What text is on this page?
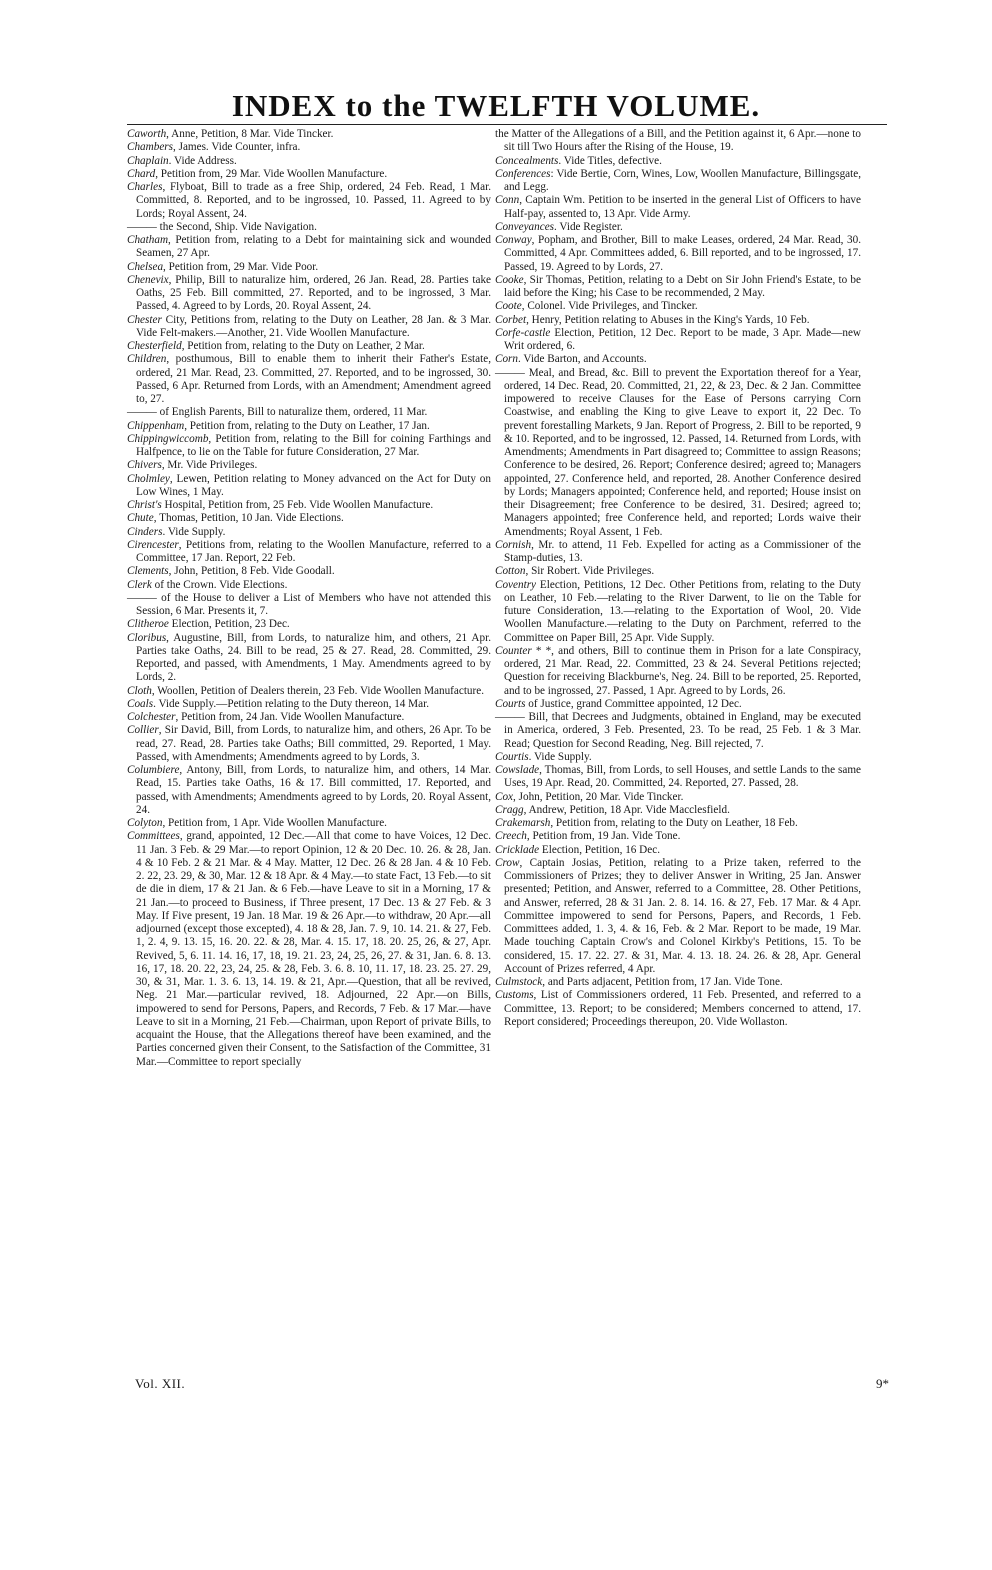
INDEX to the TWELFTH VOLUME.

Caworth, Anne, Petition, 8 Mar. Vide Tincker.

Chambers, James. Vide Counter, infra.

Chaplain. Vide Address.

Chard, Petition from, 29 Mar. Vide Woollen Manufacture.

Charles, Flyboat, Bill to trade as a free Ship, ordered, 24 Feb. Read, 1 Mar. Committed, 8. Reported, and to be ingrossed, 10. Passed, 11. Agreed to by Lords; Royal Assent, 24.

——— the Second, Ship. Vide Navigation.

Chatham, Petition from, relating to a Debt for maintaining sick and wounded Seamen, 27 Apr.

Chelsea, Petition from, 29 Mar. Vide Poor.

Chenevix, Philip, Bill to naturalize him, ordered, 26 Jan. Read, 28. Parties take Oaths, 25 Feb. Bill committed, 27. Reported, and to be ingrossed, 3 Mar. Passed, 4. Agreed to by Lords, 20. Royal Assent, 24.

Chester City, Petitions from, relating to the Duty on Leather, 28 Jan. & 3 Mar. Vide Felt-makers.—Another, 21. Vide Woollen Manufacture.

Chesterfield, Petition from, relating to the Duty on Leather, 2 Mar.

Children, posthumous, Bill to enable them to inherit their Father's Estate, ordered, 21 Mar. Read, 23. Committed, 27. Reported, and to be ingrossed, 30. Passed, 6 Apr. Returned from Lords, with an Amendment; Amendment agreed to, 27.

——— of English Parents, Bill to naturalize them, ordered, 11 Mar.

Chippenham, Petition from, relating to the Duty on Leather, 17 Jan.

Chippingwiccomb, Petition from, relating to the Bill for coining Farthings and Halfpence, to lie on the Table for future Consideration, 27 Mar.

Chivers, Mr. Vide Privileges.

Cholmley, Lewen, Petition relating to Money advanced on the Act for Duty on Low Wines, 1 May.

Christ's Hospital, Petition from, 25 Feb. Vide Woollen Manufacture.

Chute, Thomas, Petition, 10 Jan. Vide Elections.

Cinders. Vide Supply.

Cirencester, Petitions from, relating to the Woollen Manufacture, referred to a Committee, 17 Jan. Report, 22 Feb.

Clements, John, Petition, 8 Feb. Vide Goodall.

Clerk of the Crown. Vide Elections.

——— of the House to deliver a List of Members who have not attended this Session, 6 Mar. Presents it, 7.

Clitheroe Election, Petition, 23 Dec.

Cloribus, Augustine, Bill, from Lords, to naturalize him, and others, 21 Apr. Parties take Oaths, 24. Bill to be read, 25 & 27. Read, 28. Committed, 29. Reported, and passed, with Amendments, 1 May. Amendments agreed to by Lords, 2.

Cloth, Woollen, Petition of Dealers therein, 23 Feb. Vide Woollen Manufacture.

Coals. Vide Supply.—Petition relating to the Duty thereon, 14 Mar.

Colchester, Petition from, 24 Jan. Vide Woollen Manufacture.

Collier, Sir David, Bill, from Lords, to naturalize him, and others, 26 Apr. To be read, 27. Read, 28. Parties take Oaths; Bill committed, 29. Reported, 1 May. Passed, with Amendments; Amendments agreed to by Lords, 3.

Columbiere, Antony, Bill, from Lords, to naturalize him, and others, 14 Mar. Read, 15. Parties take Oaths, 16 & 17. Bill committed, 17. Reported, and passed, with Amendments; Amendments agreed to by Lords, 20. Royal Assent, 24.

Colyton, Petition from, 1 Apr. Vide Woollen Manufacture.

Committees, grand, appointed, 12 Dec.—All that come to have Voices, 12 Dec. 11 Jan. 3 Feb. & 29 Mar.—to report Opinion, 12 & 20 Dec. 10. 26. & 28, Jan. 4 & 10 Feb. 2 & 21 Mar. & 4 May. Matter, 12 Dec. 26 & 28 Jan. 4 & 10 Feb. 2. 22, 23. 29, & 30, Mar. 12 & 18 Apr. & 4 May.—to state Fact, 13 Feb.—to sit de die in diem, 17 & 21 Jan. & 6 Feb.—have Leave to sit in a Morning, 17 & 21 Jan.—to proceed to Business, if Three present, 17 Dec. 13 & 27 Feb. & 3 May. If Five present, 19 Jan. 18 Mar. 19 & 26 Apr.—to withdraw, 20 Apr.—all adjourned (except those excepted), 4. 18 & 28, Jan. 7. 9, 10. 14. 21. & 27, Feb. 1, 2. 4, 9. 13. 15, 16. 20. 22. & 28, Mar. 4. 15. 17, 18. 20. 25, 26, & 27, Apr. Revived, 5, 6. 11. 14. 16, 17, 18, 19. 21. 23, 24, 25, 26, 27. & 31, Jan. 6. 8. 13. 16, 17, 18. 20. 22, 23, 24, 25. & 28, Feb. 3. 6. 8. 10, 11. 17, 18. 23. 25. 27. 29, 30, & 31, Mar. 1. 3. 6. 13, 14. 19. & 21, Apr.—Question, that all be revived, Neg. 21 Mar.—particular revived, 18. Adjourned, 22 Apr.—on Bills, impowered to send for Persons, Papers, and Records, 7 Feb. & 17 Mar.—have Leave to sit in a Morning, 21 Feb.—Chairman, upon Report of private Bills, to acquaint the House, that the Allegations thereof have been examined, and the Parties concerned given their Consent, to the Satisfaction of the Committee, 31 Mar.—Committee to report specially

the Matter of the Allegations of a Bill, and the Petition against it, 6 Apr.—none to sit till Two Hours after the Rising of the House, 19.

Concealments. Vide Titles, defective.

Conferences: Vide Bertie, Corn, Wines, Low, Woollen Manufacture, Billingsgate, and Legg.

Conn, Captain Wm. Petition to be inserted in the general List of Officers to have Half-pay, assented to, 13 Apr. Vide Army.

Conveyances. Vide Register.

Conway, Popham, and Brother, Bill to make Leases, ordered, 24 Mar. Read, 30. Committed, 4 Apr. Committees added, 6. Bill reported, and to be ingrossed, 17. Passed, 19. Agreed to by Lords, 27.

Cooke, Sir Thomas, Petition, relating to a Debt on Sir John Friend's Estate, to be laid before the King; his Case to be recommended, 2 May.

Coote, Colonel. Vide Privileges, and Tincker.

Corbet, Henry, Petition relating to Abuses in the King's Yards, 10 Feb.

Corfe-castle Election, Petition, 12 Dec. Report to be made, 3 Apr. Made—new Writ ordered, 6.

Corn. Vide Barton, and Accounts.

——— Meal, and Bread, &c. Bill to prevent the Exportation thereof for a Year, ordered, 14 Dec. Read, 20. Committed, 21, 22, & 23, Dec. & 2 Jan. Committee impowered to receive Clauses for the Ease of Persons carrying Corn Coastwise, and enabling the King to give Leave to export it, 22 Dec. To prevent forestalling Markets, 9 Jan. Report of Progress, 2. Bill to be reported, 9 & 10. Reported, and to be ingrossed, 12. Passed, 14. Returned from Lords, with Amendments; Amendments in Part disagreed to; Committee to assign Reasons; Conference to be desired, 26. Report; Conference desired; agreed to; Managers appointed, 27. Conference held, and reported, 28. Another Conference desired by Lords; Managers appointed; Conference held, and reported; House insist on their Disagreement; free Conference to be desired, 31. Desired; agreed to; Managers appointed; free Conference held, and reported; Lords waive their Amendments; Royal Assent, 1 Feb.

Cornish, Mr. to attend, 11 Feb. Expelled for acting as a Commissioner of the Stamp-duties, 13.

Cotton, Sir Robert. Vide Privileges.

Coventry Election, Petitions, 12 Dec. Other Petitions from, relating to the Duty on Leather, 10 Feb.—relating to the River Darwent, to lie on the Table for future Consideration, 13.—relating to the Exportation of Wool, 20. Vide Woollen Manufacture.—relating to the Duty on Parchment, referred to the Committee on Paper Bill, 25 Apr. Vide Supply.

Counter * *, and others, Bill to continue them in Prison for a late Conspiracy, ordered, 21 Mar. Read, 22. Committed, 23 & 24. Several Petitions rejected; Question for receiving Blackburne's, Neg. 24. Bill to be reported, 25. Reported, and to be ingrossed, 27. Passed, 1 Apr. Agreed to by Lords, 26.

Courts of Justice, grand Committee appointed, 12 Dec.

——— Bill, that Decrees and Judgments, obtained in England, may be executed in America, ordered, 3 Feb. Presented, 23. To be read, 25 Feb. 1 & 3 Mar. Read; Question for Second Reading, Neg. Bill rejected, 7.

Courtis. Vide Supply.

Cowslade, Thomas, Bill, from Lords, to sell Houses, and settle Lands to the same Uses, 19 Apr. Read, 20. Committed, 24. Reported, 27. Passed, 28.

Cox, John, Petition, 20 Mar. Vide Tincker.

Cragg, Andrew, Petition, 18 Apr. Vide Macclesfield.

Crakemarsh, Petition from, relating to the Duty on Leather, 18 Feb.

Creech, Petition from, 19 Jan. Vide Tone.

Cricklade Election, Petition, 16 Dec.

Crow, Captain Josias, Petition, relating to a Prize taken, referred to the Commissioners of Prizes; they to deliver Answer in Writing, 25 Jan. Answer presented; Petition, and Answer, referred to a Committee, 28. Other Petitions, and Answer, referred, 28 & 31 Jan. 2. 8. 14. 16. & 27, Feb. 17 Mar. & 4 Apr. Committee impowered to send for Persons, Papers, and Records, 1 Feb. Committees added, 1. 3, 4. & 16, Feb. & 2 Mar. Report to be made, 19 Mar. Made touching Captain Crow's and Colonel Kirkby's Petitions, 15. To be considered, 15. 17. 22. 27. & 31, Mar. 4. 13. 18. 24. 26. & 28, Apr. General Account of Prizes referred, 4 Apr.

Culmstock, and Parts adjacent, Petition from, 17 Jan. Vide Tone.

Customs, List of Commissioners ordered, 11 Feb. Presented, and referred to a Committee, 13. Report; to be considered; Members concerned to attend, 17. Report considered; Proceedings thereupon, 20. Vide Wollaston.

Vol. XII.	9*
